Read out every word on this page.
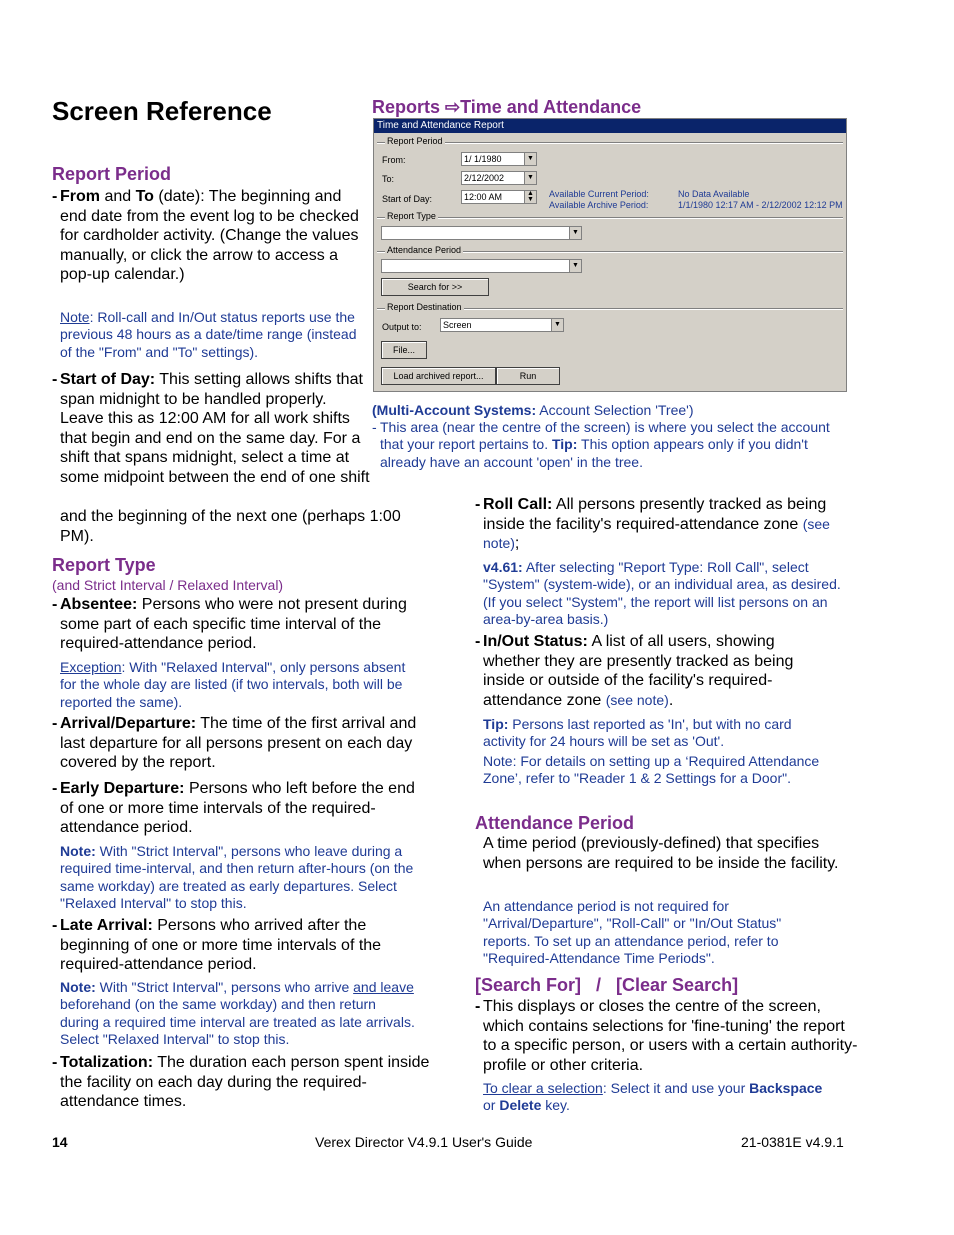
Screen Reference
Report Period
- From and To (date): The beginning and end date from the event log to be checked for cardholder activity. (Change the values manually, or click the arrow to access a pop-up calendar.)
Note: Roll-call and In/Out status reports use the previous 48 hours as a date/time range (instead of the "From" and "To" settings).
- Start of Day: This setting allows shifts that span midnight to be handled properly. Leave this as 12:00 AM for all work shifts that begin and end on the same day. For a shift that spans midnight, select a time at some midpoint between the end of one shift
and the beginning of the next one (perhaps 1:00 PM).
Report Type
(and Strict Interval / Relaxed Interval)
- Absentee: Persons who were not present during some part of each specific time interval of the required-attendance period.
Exception: With "Relaxed Interval", only persons absent for the whole day are listed (if two intervals, both will be reported the same).
- Arrival/Departure: The time of the first arrival and last departure for all persons present on each day covered by the report.
- Early Departure: Persons who left before the end of one or more time intervals of the required-attendance period.
Note: With "Strict Interval", persons who leave during a required time-interval, and then return after-hours (on the same workday) are treated as early departures. Select "Relaxed Interval" to stop this.
- Late Arrival: Persons who arrived after the beginning of one or more time intervals of the required-attendance period.
Note: With "Strict Interval", persons who arrive and leave beforehand (on the same workday) and then return during a required time interval are treated as late arrivals. Select "Relaxed Interval" to stop this.
- Totalization: The duration each person spent inside the facility on each day during the required-attendance times.
Reports ⇨Time and Attendance
Time and Attendance Report
Report Period
From:	1/ 1/1980	▼
To:	2/12/2002	▼
Start of Day:	12:00 AM	▲
▼
Available Current Period:	No Data Available
Available Archive Period:	1/1/1980 12:17 AM - 2/12/2002 12:12 PM
Report Type
▼
Attendance Period
▼
Search for >>
Report Destination
Output to:	Screen	▼
File...
Load archived report...	Run
(Multi-Account Systems: Account Selection 'Tree')
- This area (near the centre of the screen) is where you select the account that your report pertains to. Tip: This option appears only if you didn't already have an account 'open' in the tree.
- Roll Call: All persons presently tracked as being inside the facility's required-attendance zone (see note);
v4.61: After selecting "Report Type: Roll Call", select "System" (system-wide), or an individual area, as desired. (If you select "System", the report will list persons on an area-by-area basis.)
- In/Out Status: A list of all users, showing whether they are presently tracked as being inside or outside of the facility's required-attendance zone (see note).
Tip: Persons last reported as 'In', but with no card activity for 24 hours will be set as 'Out'.
Note: For details on setting up a ‘Required Attendance Zone’, refer to "Reader 1 & 2 Settings for a Door".
Attendance Period
A time period (previously-defined) that specifies when persons are required to be inside the facility.
An attendance period is not required for "Arrival/Departure", "Roll-Call" or "In/Out Status" reports. To set up an attendance period, refer to "Required-Attendance Time Periods".
[Search For]   /   [Clear Search]
- This displays or closes the centre of the screen, which contains selections for 'fine-tuning' the report to a specific person, or users with a certain authority-profile or other criteria.
To clear a selection: Select it and use your Backspace or Delete key.
14	Verex Director V4.9.1 User's Guide	21-0381E v4.9.1
